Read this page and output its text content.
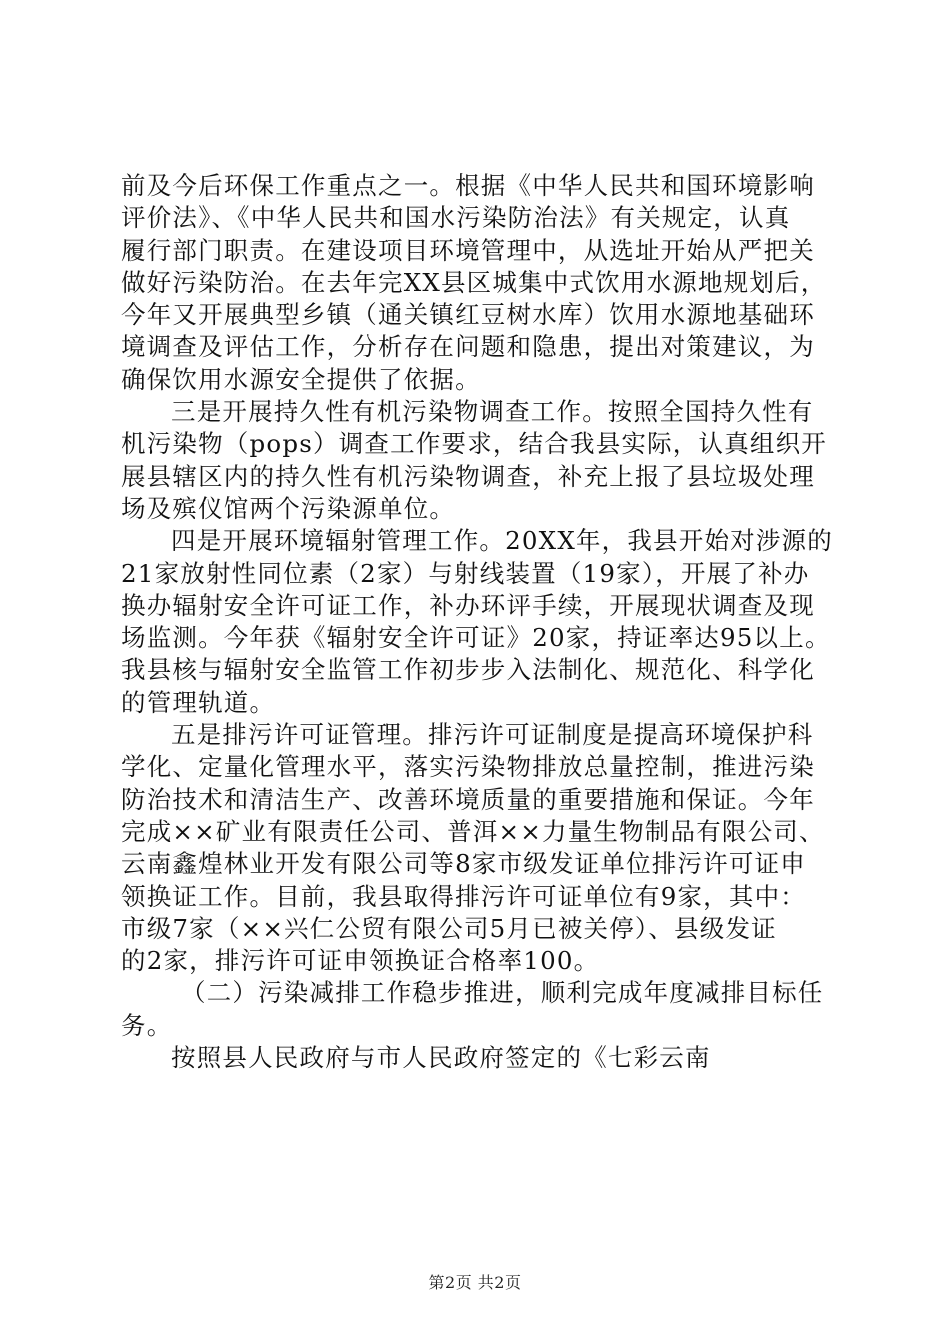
前及今后环保工作重点之一。根据《中华人民共和国环境影响
评价法》、《中华人民共和国水污染防治法》有关规定，认真
履行部门职责。在建设项目环境管理中，从选址开始从严把关
做好污染防治。在去年完XX县区城集中式饮用水源地规划后，
今年又开展典型乡镇（通关镇红豆树水库）饮用水源地基础环
境调查及评估工作，分析存在问题和隐患，提出对策建议，为
确保饮用水源安全提供了依据。
三是开展持久性有机污染物调查工作。按照全国持久性有
机污染物（pops）调查工作要求，结合我县实际，认真组织开
展县辖区内的持久性有机污染物调查，补充上报了县垃圾处理
场及殡仪馆两个污染源单位。
四是开展环境辐射管理工作。20XX年，我县开始对涉源的
21家放射性同位素（2家）与射线装置（19家），开展了补办
换办辐射安全许可证工作，补办环评手续，开展现状调查及现
场监测。今年获《辐射安全许可证》20家，持证率达95以上。
我县核与辐射安全监管工作初步步入法制化、规范化、科学化
的管理轨道。
五是排污许可证管理。排污许可证制度是提高环境保护科
学化、定量化管理水平，落实污染物排放总量控制，推进污染
防治技术和清洁生产、改善环境质量的重要措施和保证。今年
完成××矿业有限责任公司、普洱××力量生物制品有限公司、
云南鑫煌林业开发有限公司等8家市级发证单位排污许可证申
领换证工作。目前，我县取得排污许可证单位有9家，其中：
市级7家（××兴仁公贸有限公司5月已被关停）、县级发证
的2家，排污许可证申领换证合格率100。
（二）污染减排工作稳步推进，顺利完成年度减排目标任
务。
按照县人民政府与市人民政府签定的《七彩云南
第2页 共2页
